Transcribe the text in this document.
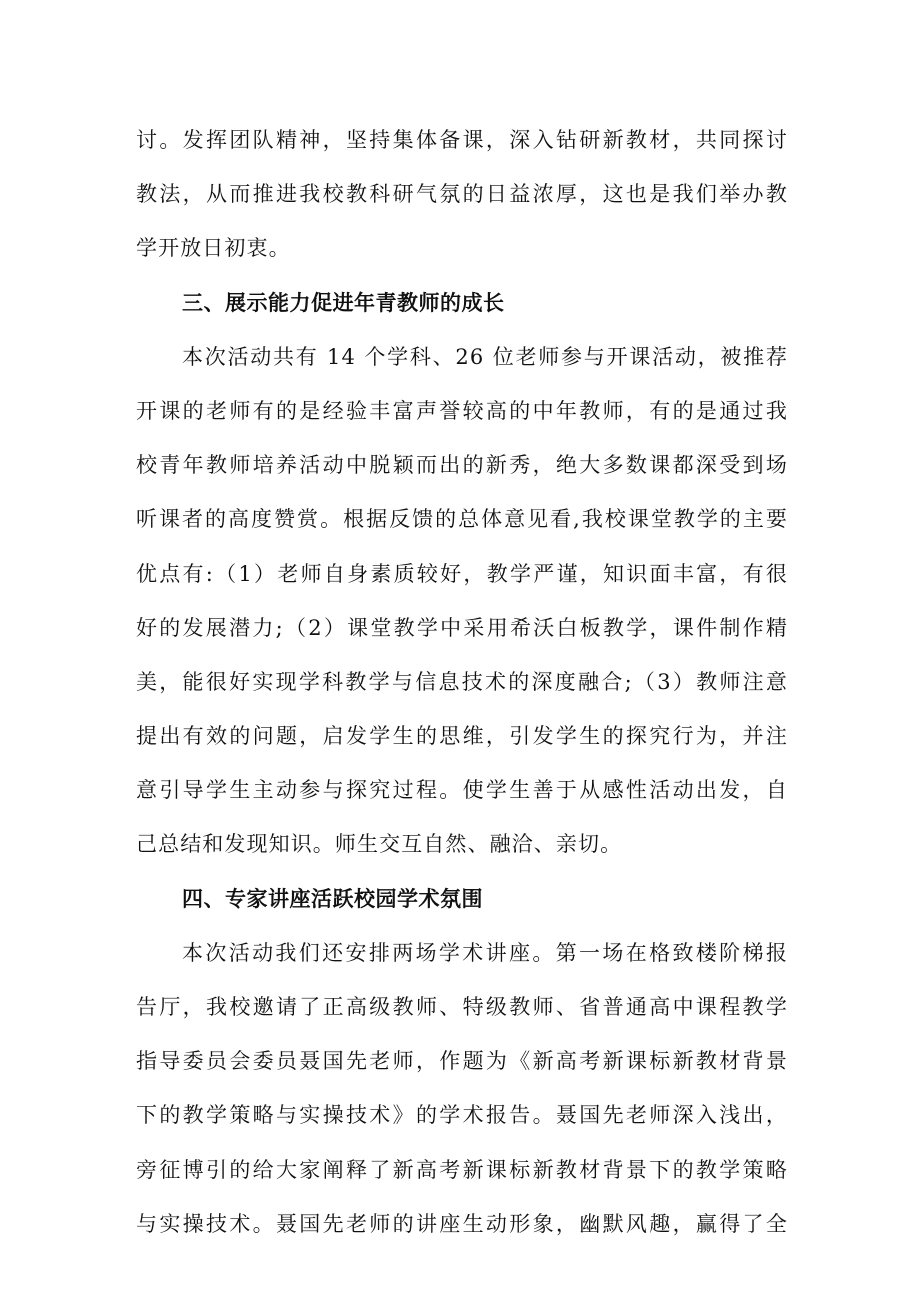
讨。发挥团队精神，坚持集体备课，深入钻研新教材，共同探讨
教法，从而推进我校教科研气氛的日益浓厚，这也是我们举办教
学开放日初衷。
三、展示能力促进年青教师的成长
本次活动共有 14 个学科、26 位老师参与开课活动，被推荐
开课的老师有的是经验丰富声誉较高的中年教师，有的是通过我
校青年教师培养活动中脱颖而出的新秀，绝大多数课都深受到场
听课者的高度赞赏。根据反馈的总体意见看,我校课堂教学的主要
优点有:（1）老师自身素质较好，教学严谨，知识面丰富，有很
好的发展潜力;（2）课堂教学中采用希沃白板教学，课件制作精
美，能很好实现学科教学与信息技术的深度融合;（3）教师注意
提出有效的问题，启发学生的思维，引发学生的探究行为，并注
意引导学生主动参与探究过程。使学生善于从感性活动出发，自
己总结和发现知识。师生交互自然、融洽、亲切。
四、专家讲座活跃校园学术氛围
本次活动我们还安排两场学术讲座。第一场在格致楼阶梯报
告厅，我校邀请了正高级教师、特级教师、省普通高中课程教学
指导委员会委员聂国先老师，作题为《新高考新课标新教材背景
下的教学策略与实操技术》的学术报告。聂国先老师深入浅出，
旁征博引的给大家阐释了新高考新课标新教材背景下的教学策略
与实操技术。聂国先老师的讲座生动形象，幽默风趣，赢得了全
